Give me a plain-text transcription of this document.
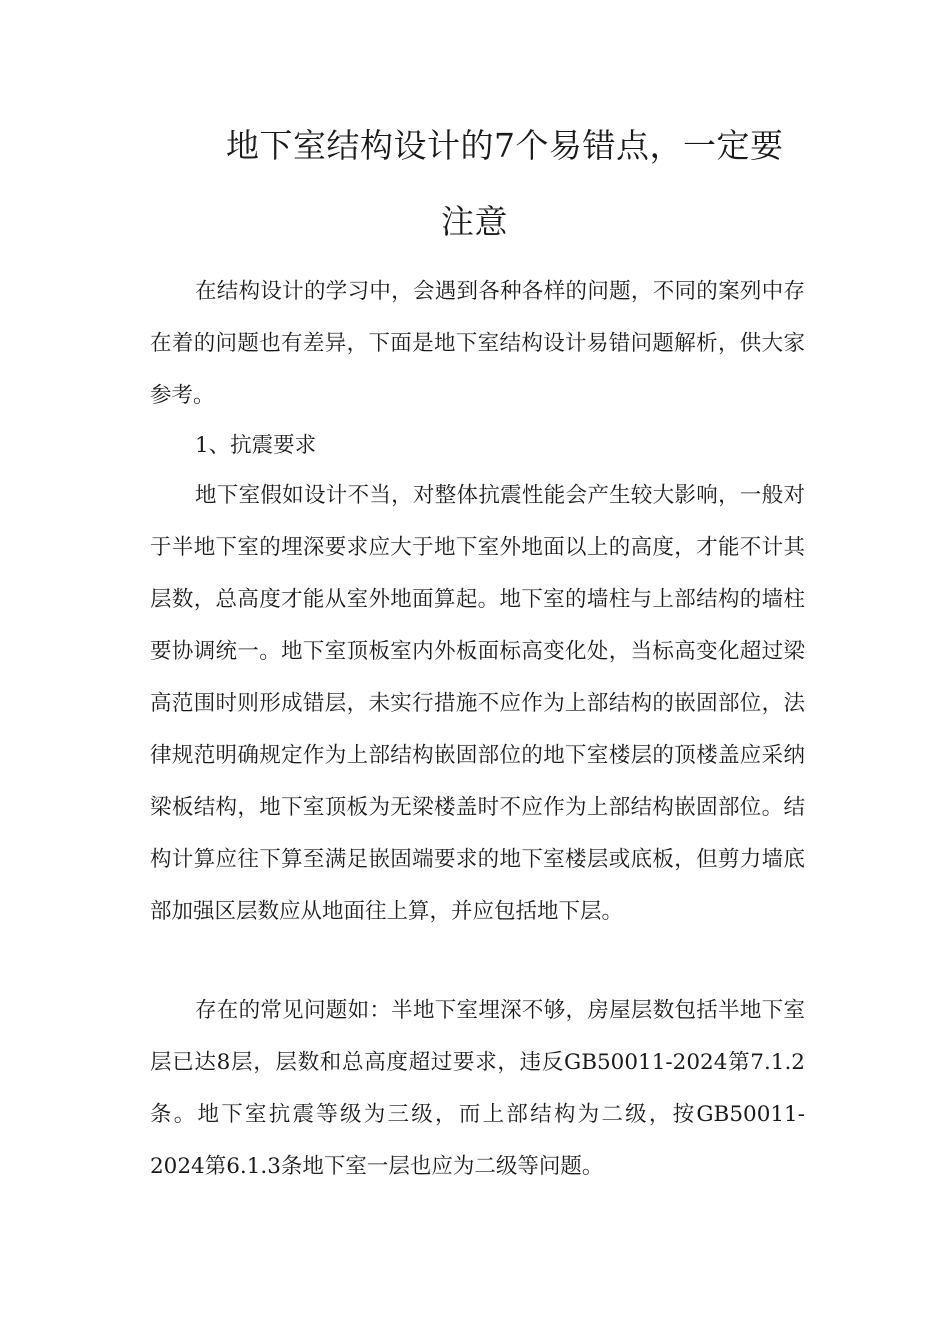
地下室结构设计的7个易错点，一定要
注意

在结构设计的学习中，会遇到各种各样的问题，不同的案列中存在着的问题也有差异，下面是地下室结构设计易错问题解析，供大家参考。

1、抗震要求

地下室假如设计不当，对整体抗震性能会产生较大影响，一般对于半地下室的埋深要求应大于地下室外地面以上的高度，才能不计其层数，总高度才能从室外地面算起。地下室的墙柱与上部结构的墙柱要协调统一。地下室顶板室内外板面标高变化处，当标高变化超过梁高范围时则形成错层，未实行措施不应作为上部结构的嵌固部位，法律规范明确规定作为上部结构嵌固部位的地下室楼层的顶楼盖应采纳梁板结构，地下室顶板为无梁楼盖时不应作为上部结构嵌固部位。结构计算应往下算至满足嵌固端要求的地下室楼层或底板，但剪力墙底部加强区层数应从地面往上算，并应包括地下层。

存在的常见问题如：半地下室埋深不够，房屋层数包括半地下室层已达8层，层数和总高度超过要求，违反GB50011-2024第7.1.2条。地下室抗震等级为三级，而上部结构为二级，按GB50011-2024第6.1.3条地下室一层也应为二级等问题。
